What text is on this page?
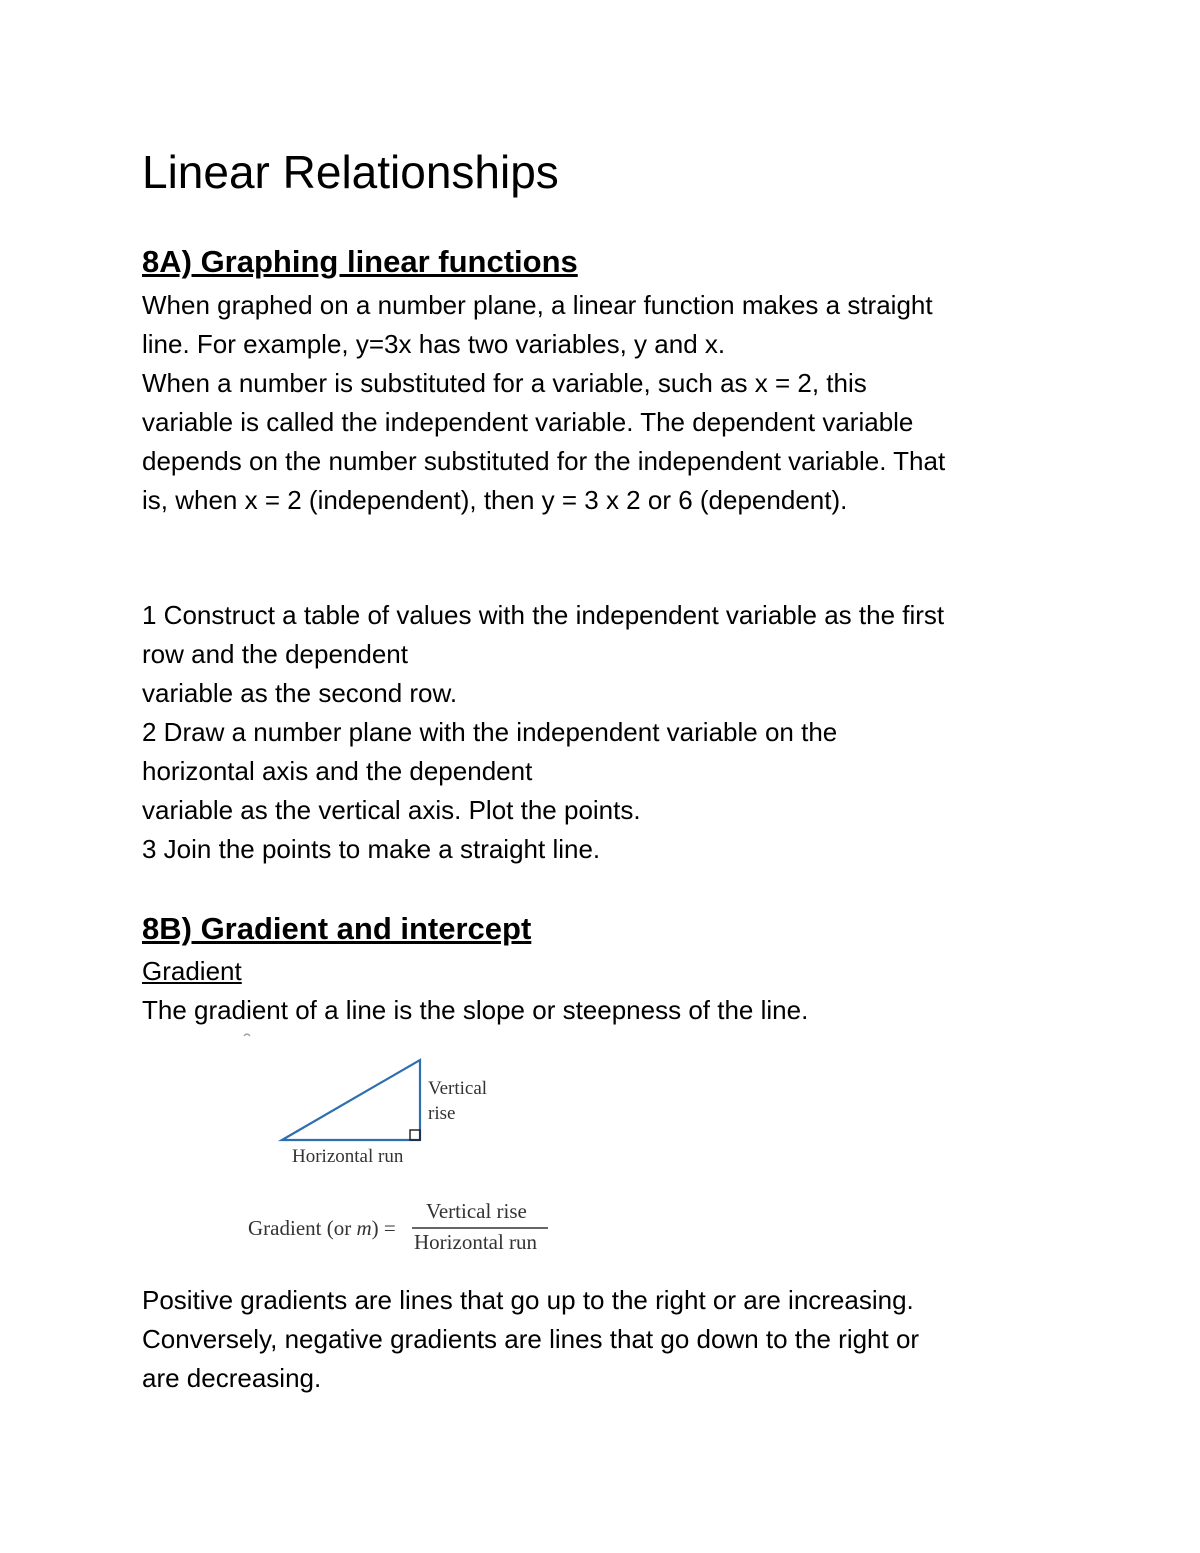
Linear Relationships
8A) Graphing linear functions
When graphed on a number plane, a linear function makes a straight
line. For example, y=3x has two variables, y and x.
When a number is substituted for a variable, such as x = 2, this
variable is called the independent variable. The dependent variable
depends on the number substituted for the independent variable. That
is, when x = 2 (independent), then y = 3 x 2 or 6 (dependent).
1 Construct a table of values with the independent variable as the first
row and the dependent
variable as the second row.
2 Draw a number plane with the independent variable on the
horizontal axis and the dependent
variable as the vertical axis. Plot the points.
3 Join the points to make a straight line.
8B) Gradient and intercept
Gradient
The gradient of a line is the slope or steepness of the line.
Vertical
rise
Horizontal run
Gradient (or m) =
Vertical rise
Horizontal run
Positive gradients are lines that go up to the right or are increasing.
Conversely, negative gradients are lines that go down to the right or
are decreasing.
